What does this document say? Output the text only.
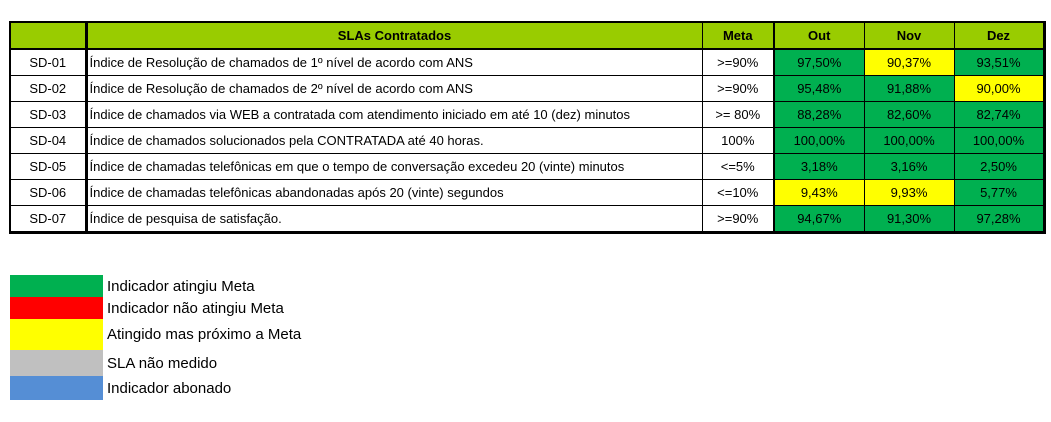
	SLAs Contratados	Meta	Out	Nov	Dez
SD-01	Índice de Resolução de chamados de 1º nível de acordo com ANS	>=90%	97,50%	90,37%	93,51%
SD-02	Índice de Resolução de chamados de 2º nível de acordo com ANS	>=90%	95,48%	91,88%	90,00%
SD-03	Índice de chamados via WEB a contratada com atendimento iniciado em até 10 (dez) minutos	>= 80%	88,28%	82,60%	82,74%
SD-04	Índice de chamados solucionados pela CONTRATADA até 40 horas.	100%	100,00%	100,00%	100,00%
SD-05	Índice de chamadas telefônicas em que o tempo de conversação excedeu 20 (vinte) minutos	<=5%	3,18%	3,16%	2,50%
SD-06	Índice de chamadas telefônicas abandonadas após 20 (vinte) segundos	<=10%	9,43%	9,93%	5,77%
SD-07	Índice de pesquisa de satisfação.	>=90%	94,67%	91,30%	97,28%
Indicador atingiu Meta
Indicador não atingiu Meta
Atingido mas próximo a Meta
SLA não medido
Indicador abonado
